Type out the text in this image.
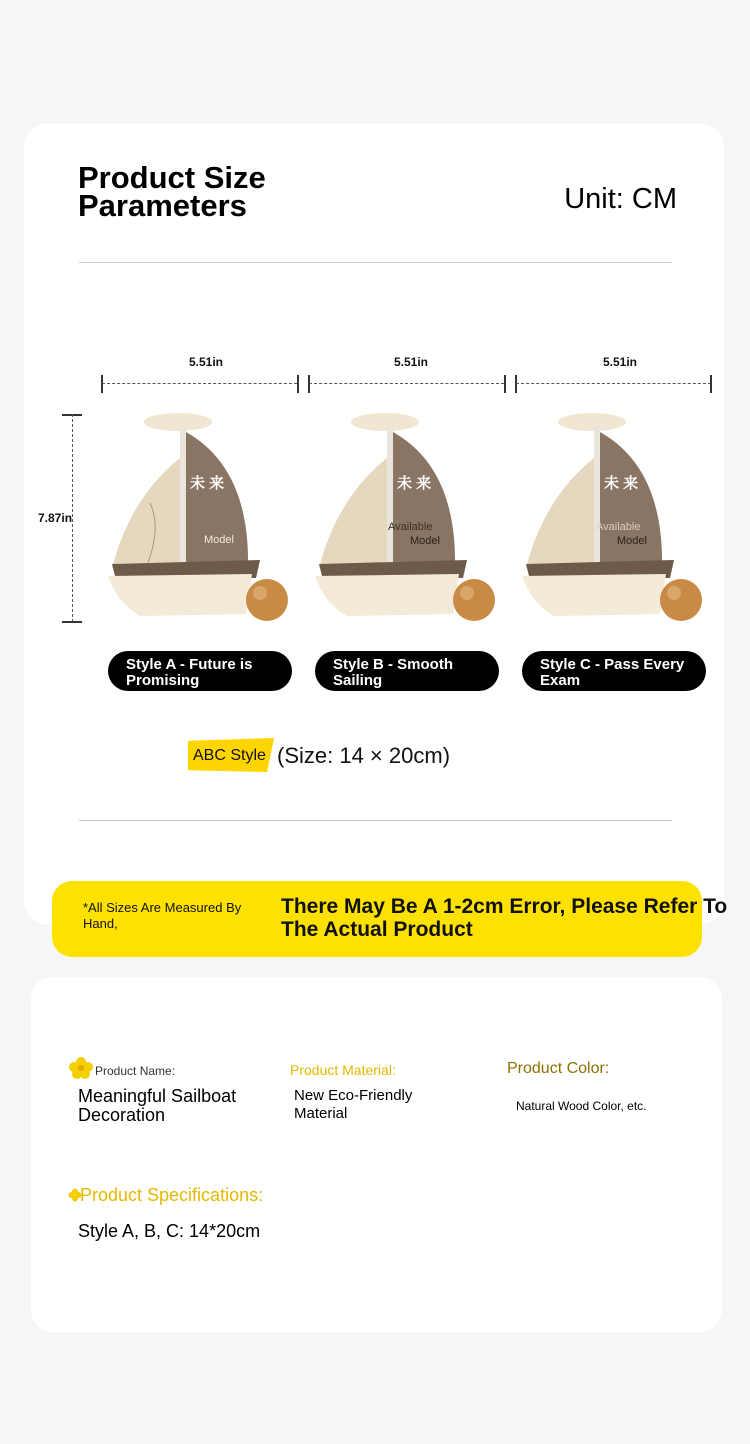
Product Size Parameters	Unit: CM
5.51in	5.51in	5.51in
7.87in
未 来
Model
未 来
Available
Model
未 来
Available
Model
Style A - Future is Promising
Style B - Smooth Sailing
Style C - Pass Every Exam
ABC Style (Size: 14 × 20cm)
*All Sizes Are Measured By Hand,
There May Be A 1-2cm Error, Please Refer To The Actual Product
Product Name:
Meaningful Sailboat Decoration
Product Material:
New Eco-Friendly Material
Product Color:
Natural Wood Color, etc.
Product Specifications:
Style A, B, C: 14*20cm
